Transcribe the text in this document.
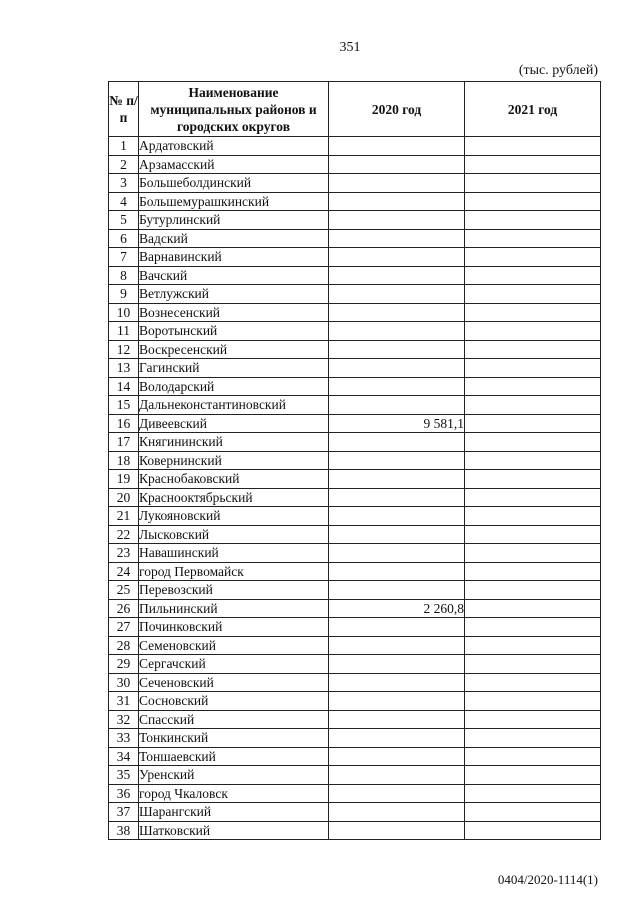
351
(тыс. рублей)
№ п/п	Наименование муниципальных районов и городских округов	2020 год	2021 год
1	Ардатовский		
2	Арзамасский		
3	Большеболдинский		
4	Большемурашкинский		
5	Бутурлинский		
6	Вадский		
7	Варнавинский		
8	Вачский		
9	Ветлужский		
10	Вознесенский		
11	Воротынский		
12	Воскресенский		
13	Гагинский		
14	Володарский		
15	Дальнеконстантиновский		
16	Дивеевский	9 581,1	
17	Княгининский		
18	Ковернинский		
19	Краснобаковский		
20	Краснооктябрьский		
21	Лукояновский		
22	Лысковский		
23	Навашинский		
24	город Первомайск		
25	Перевозский		
26	Пильнинский	2 260,8	
27	Починковский		
28	Семеновский		
29	Сергачский		
30	Сеченовский		
31	Сосновский		
32	Спасский		
33	Тонкинский		
34	Тоншаевский		
35	Уренский		
36	город Чкаловск		
37	Шарангский		
38	Шатковский		
0404/2020-1114(1)
